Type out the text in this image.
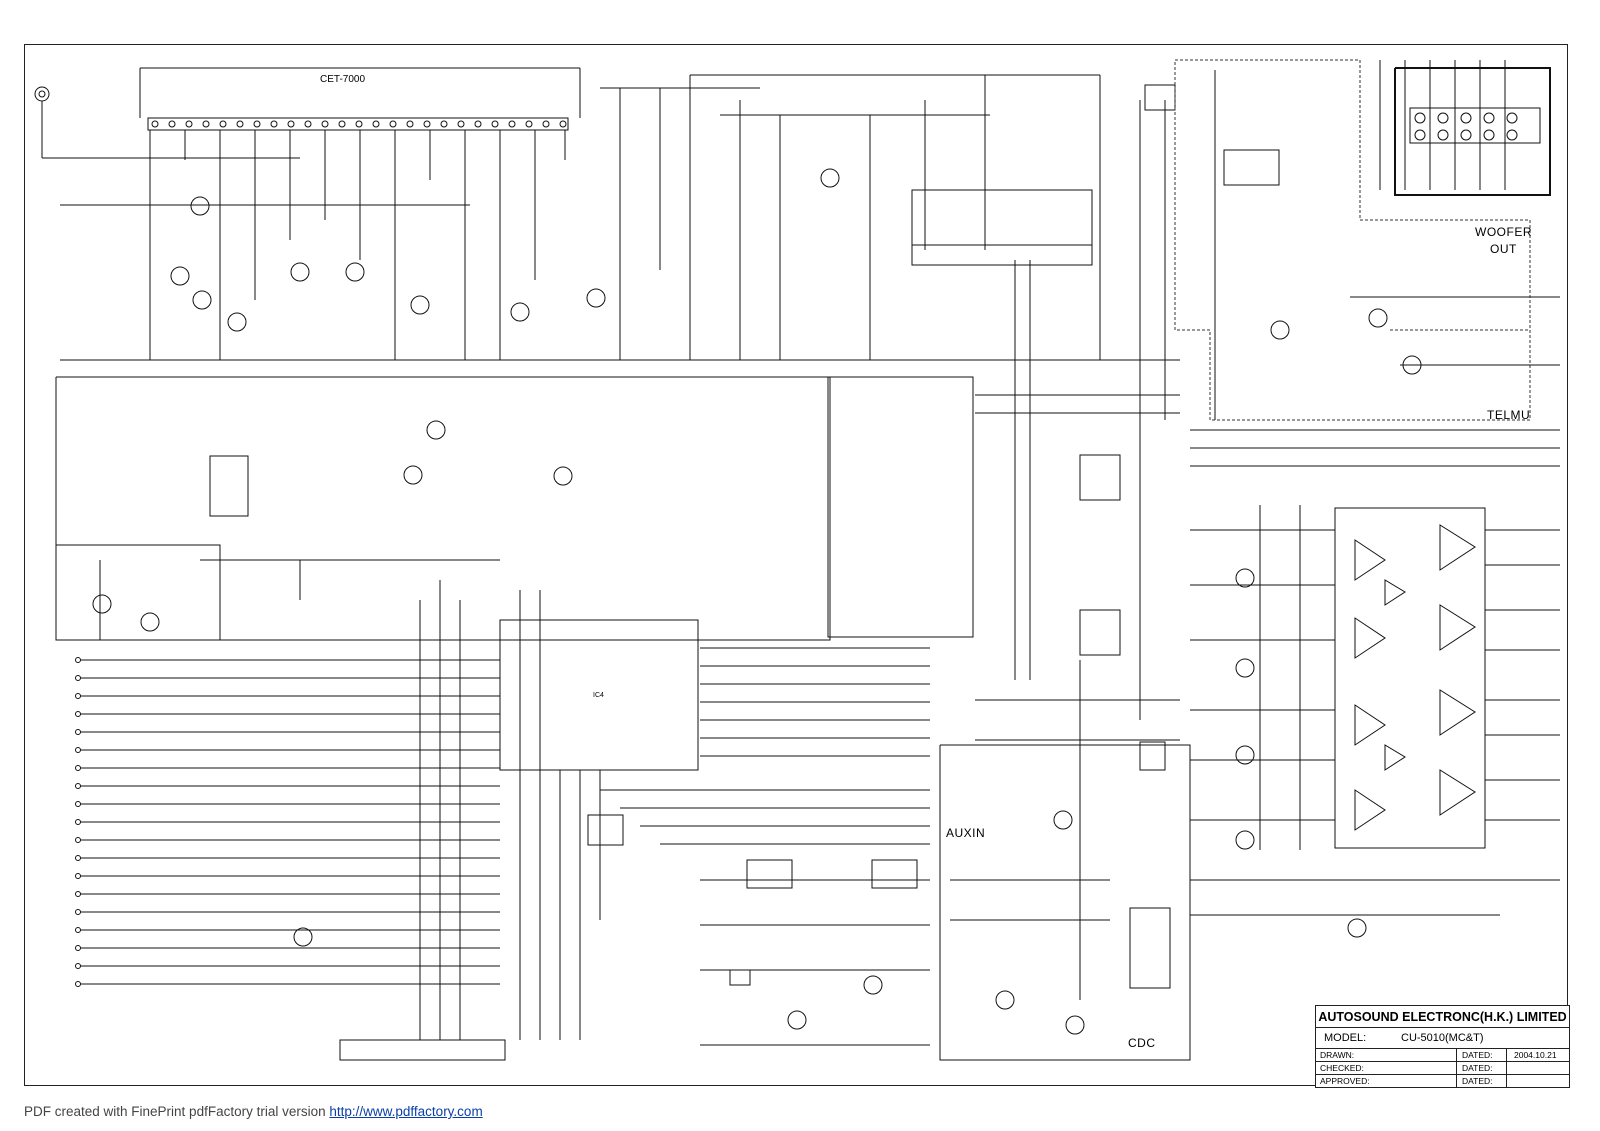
CET-7000
IC4
WOOFER
OUT
TELMU
AUXIN
CDC
AUTOSOUND ELECTRONC(H.K.) LIMITED
MODEL:	CU-5010(MC&T)
DRAWN:	DATED:	2004.10.21
CHECKED:	DATED:
APPROVED:	DATED:
PDF created with FinePrint pdfFactory trial version http://www.pdffactory.com
